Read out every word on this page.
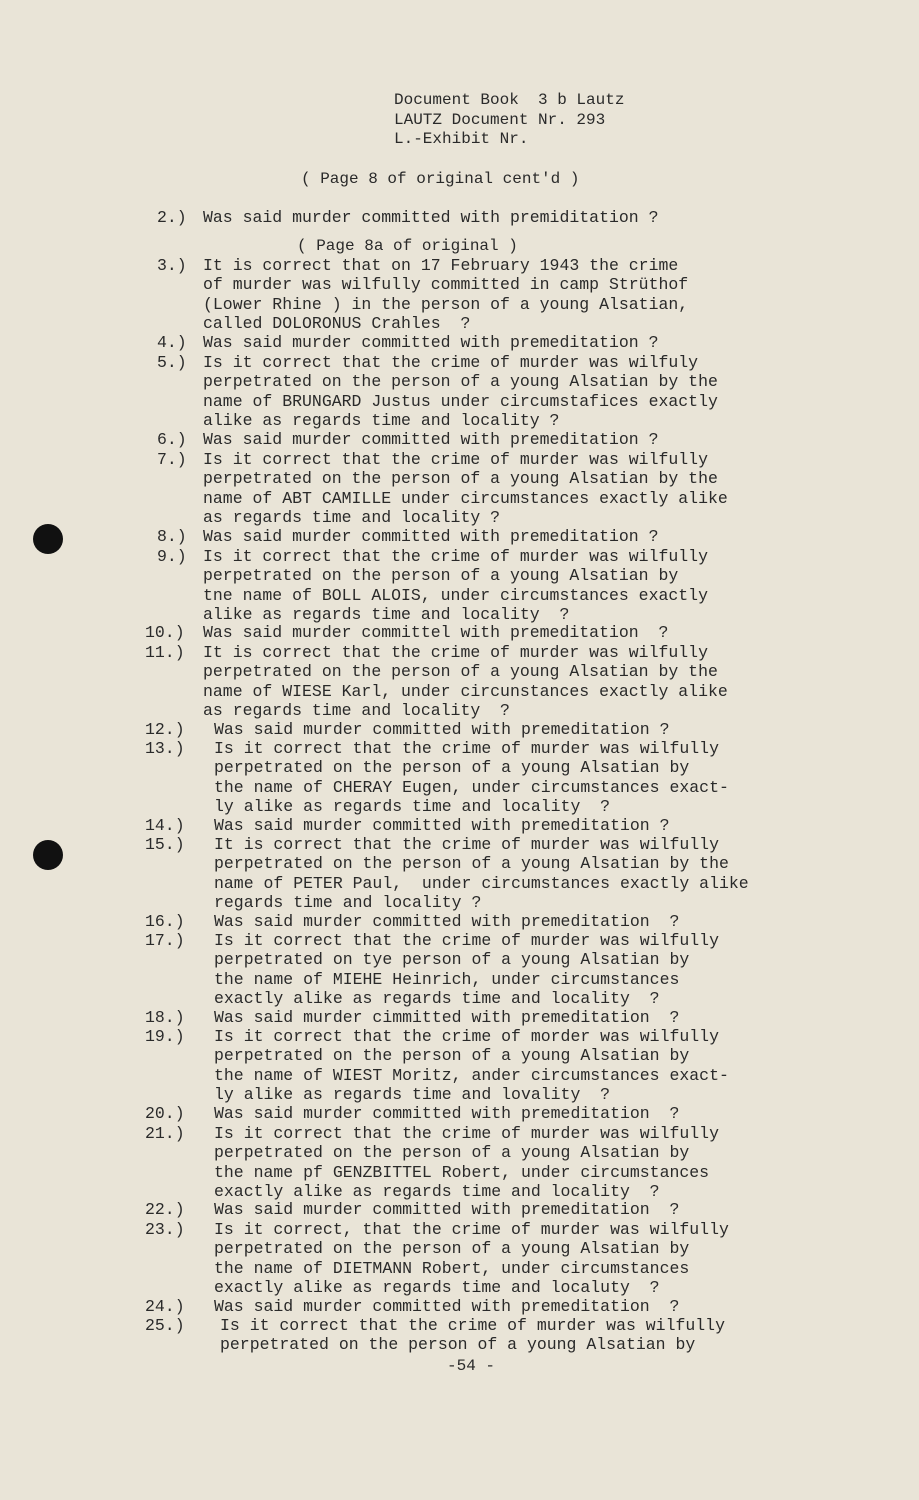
Document Book  3 b Lautz
LAUTZ Document Nr. 293
L.-Exhibit Nr.
( Page 8 of original cent'd )
( Page 8a of original )
2.) Was said murder committed with premiditation ?
3.) It is correct that on 17 February 1943 the crime
of murder was wilfully committed in camp Strüthof
(Lower Rhine ) in the person of a young Alsatian,
called DOLORONUS Crahles  ?
4.) Was said murder committed with premeditation ?
5.) Is it correct that the crime of murder was wilfuly
perpetrated on the person of a young Alsatian by the
name of BRUNGARD Justus under circumstafices exactly
alike as regards time and locality ?
6.) Was said murder committed with premeditation ?
7.) Is it correct that the crime of murder was wilfully
perpetrated on the person of a young Alsatian by the
name of ABT CAMILLE under circumstances exactly alike
as regards time and locality ?
8.) Was said murder committed with premeditation ?
9.) Is it correct that the crime of murder was wilfully
perpetrated on the person of a young Alsatian by
tne name of BOLL ALOIS, under circumstances exactly
alike as regards time and locality  ?
10.) Was said murder committel with premeditation  ?
11.) It is correct that the crime of murder was wilfully
perpetrated on the person of a young Alsatian by the
name of WIESE Karl, under circunstances exactly alike
as regards time and locality  ?
12.) Was said murder committed with premeditation ?
13.) Is it correct that the crime of murder was wilfully
perpetrated on the person of a young Alsatian by
the name of CHERAY Eugen, under circumstances exact-
ly alike as regards time and locality  ?
14.) Was said murder committed with premeditation ?
15.) It is correct that the crime of murder was wilfully
perpetrated on the person of a young Alsatian by the
name of PETER Paul,  under circumstances exactly alike
regards time and locality ?
16.) Was said murder committed with premeditation  ?
17.) Is it correct that the crime of murder was wilfully
perpetrated on tye person of a young Alsatian by
the name of MIEHE Heinrich, under circumstances
exactly alike as regards time and locality  ?
18.) Was said murder cimmitted with premeditation  ?
19.) Is it correct that the crime of morder was wilfully
perpetrated on the person of a young Alsatian by
the name of WIEST Moritz, ander circumstances exact-
ly alike as regards time and lovality  ?
20.) Was said murder committed with premeditation  ?
21.) Is it correct that the crime of murder was wilfully
perpetrated on the person of a young Alsatian by
the name pf GENZBITTEL Robert, under circumstances
exactly alike as regards time and locality  ?
22.) Was said murder committed with premeditation  ?
23.) Is it correct, that the crime of murder was wilfully
perpetrated on the person of a young Alsatian by
the name of DIETMANN Robert, under circumstances
exactly alike as regards time and localuty  ?
24.) Was said murder committed with premeditation  ?
25.) Is it correct that the crime of murder was wilfully
perpetrated on the person of a young Alsatian by
-54 -
